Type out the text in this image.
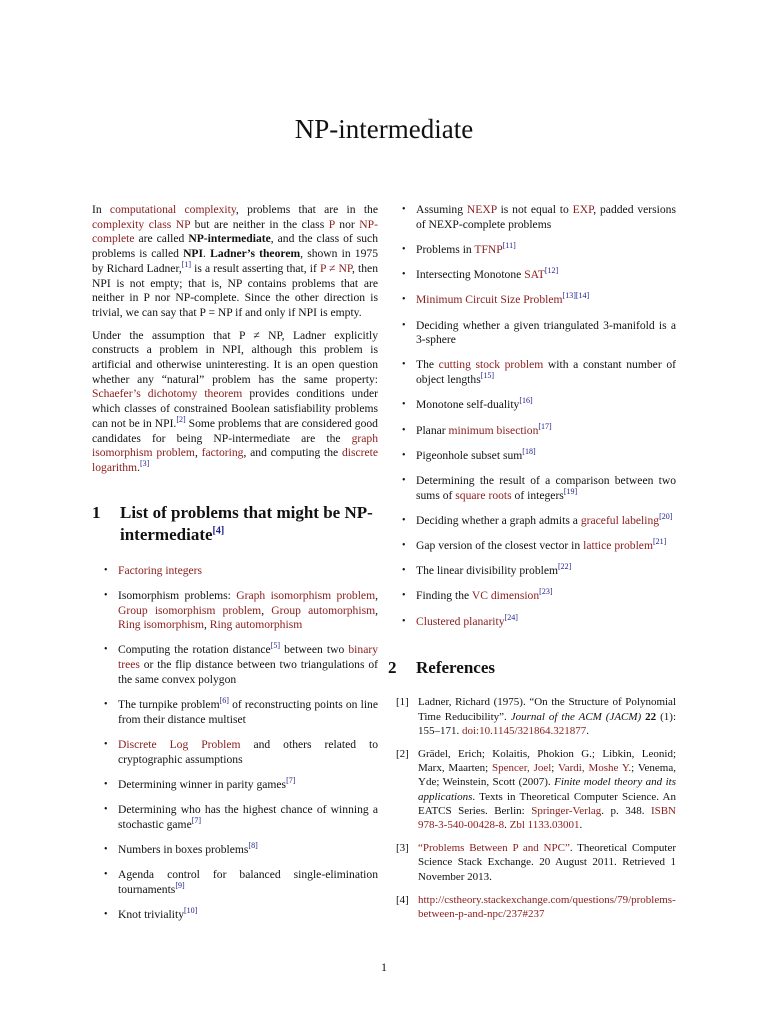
NP-intermediate

In computational complexity, problems that are in the complexity class NP but are neither in the class P nor NP-complete are called NP-intermediate, and the class of such problems is called NPI. Ladner’s theorem, shown in 1975 by Richard Ladner,[1] is a result asserting that, if P ≠ NP, then NPI is not empty; that is, NP contains problems that are neither in P nor NP-complete. Since the other direction is trivial, we can say that P = NP if and only if NPI is empty.

Under the assumption that P ≠ NP, Ladner explicitly constructs a problem in NPI, although this problem is artificial and otherwise uninteresting. It is an open question whether any “natural” problem has the same property: Schaefer’s dichotomy theorem provides conditions under which classes of constrained Boolean satisfiability problems can not be in NPI.[2] Some problems that are considered good candidates for being NP-intermediate are the graph isomorphism problem, factoring, and computing the discrete logarithm.[3]

1	List of problems that might be NP-intermediate[4]
• Factoring integers
• Isomorphism problems: Graph isomorphism problem, Group isomorphism problem, Group automorphism, Ring isomorphism, Ring automorphism
• Computing the rotation distance[5] between two binary trees or the flip distance between two triangulations of the same convex polygon
• The turnpike problem[6] of reconstructing points on line from their distance multiset
• Discrete Log Problem and others related to cryptographic assumptions
• Determining winner in parity games[7]
• Determining who has the highest chance of winning a stochastic game[7]
• Numbers in boxes problems[8]
• Agenda control for balanced single-elimination tournaments[9]
• Knot triviality[10]
• Assuming NEXP is not equal to EXP, padded versions of NEXP-complete problems
• Problems in TFNP[11]
• Intersecting Monotone SAT[12]
• Minimum Circuit Size Problem[13][14]
• Deciding whether a given triangulated 3-manifold is a 3-sphere
• The cutting stock problem with a constant number of object lengths[15]
• Monotone self-duality[16]
• Planar minimum bisection[17]
• Pigeonhole subset sum[18]
• Determining the result of a comparison between two sums of square roots of integers[19]
• Deciding whether a graph admits a graceful labeling[20]
• Gap version of the closest vector in lattice problem[21]
• The linear divisibility problem[22]
• Finding the VC dimension[23]
• Clustered planarity[24]
2	References
[1] Ladner, Richard (1975). “On the Structure of Polynomial Time Reducibility”. Journal of the ACM (JACM) 22 (1): 155–171. doi:10.1145/321864.321877.
[2] Grädel, Erich; Kolaitis, Phokion G.; Libkin, Leonid; Marx, Maarten; Spencer, Joel; Vardi, Moshe Y.; Venema, Yde; Weinstein, Scott (2007). Finite model theory and its applications. Texts in Theoretical Computer Science. An EATCS Series. Berlin: Springer-Verlag. p. 348. ISBN 978-3-540-00428-8. Zbl 1133.03001.
[3] “Problems Between P and NPC”. Theoretical Computer Science Stack Exchange. 20 August 2011. Retrieved 1 November 2013.
[4] http://cstheory.stackexchange.com/questions/79/problems-between-p-and-npc/237#237
1
